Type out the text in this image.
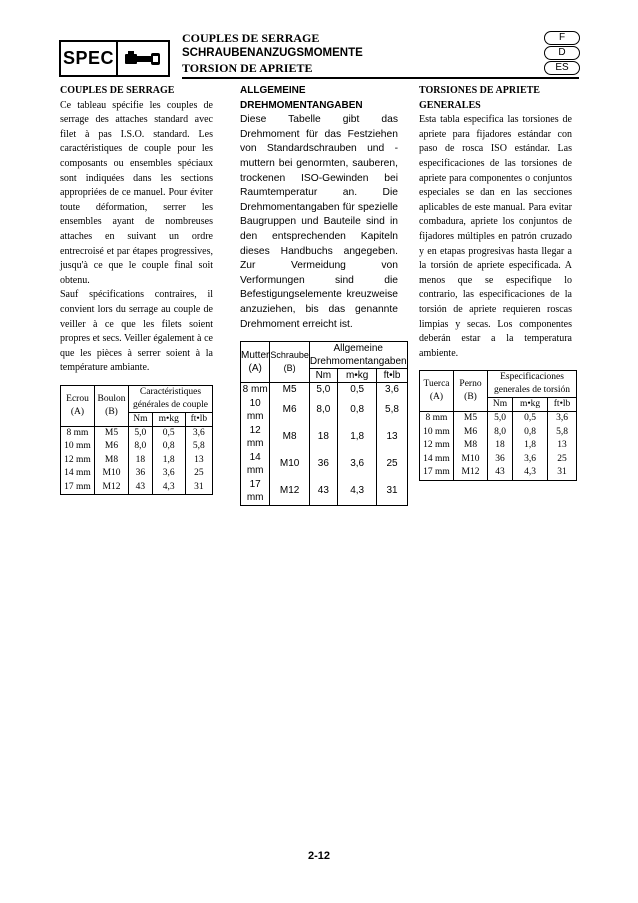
SPEC
COUPLES DE SERRAGE
SCHRAUBENANZUGSMOMENTE
TORSION DE APRIETE
F
D
ES
COUPLES DE SERRAGE

Ce tableau spécifie les couples de serrage des attaches standard avec filet à pas I.S.O. standard. Les caractéristiques de couple pour les composants ou ensembles spéciaux sont indiquées dans les sections appropriées de ce manuel. Pour éviter toute déformation, serrer les ensembles ayant de nombreuses attaches en suivant un ordre entrecroisé et par étapes progressives, jusqu'à ce que le couple final soit obtenu.

Sauf spécifications contraires, il convient lors du serrage au couple de veiller à ce que les filets soient propres et secs. Veiller également à ce que les pièces à serrer soient à la température ambiante.

Ecrou (A)	Boulon (B)	Caractéristiques générales de couple		
		Nm	m•kg	ft•lb
8 mm	M5	5,0	0,5	3,6
10 mm	M6	8,0	0,8	5,8
12 mm	M8	18	1,8	13
14 mm	M10	36	3,6	25
17 mm	M12	43	4,3	31
ALLGEMEINE
DREHMOMENTANGABEN

Diese Tabelle gibt das Drehmoment für das Festziehen von Standardschrauben und -muttern bei genormten, sauberen, trockenen ISO-Gewinden bei Raumtemperatur an. Die Drehmomentangaben für spezielle Baugruppen und Bauteile sind in den entsprechenden Kapiteln dieses Handbuchs angegeben. Zur Vermeidung von Verformungen sind die Befestigungselemente kreuzweise anzuziehen, bis das genannte Drehmoment erreicht ist.

Mutter (A)	Schraube (B)	Allgemeine Drehmomentangaben		
		Nm	m•kg	ft•lb
8 mm	M5	5,0	0,5	3,6
10 mm	M6	8,0	0,8	5,8
12 mm	M8	18	1,8	13
14 mm	M10	36	3,6	25
17 mm	M12	43	4,3	31
TORSIONES DE APRIETE
GENERALES

Esta tabla especifica las torsiones de apriete para fijadores estándar con paso de rosca ISO estándar. Las especificaciones de las torsiones de apriete para componentes o conjuntos especiales se dan en las secciones aplicables de este manual. Para evitar combadura, apriete los conjuntos de fijadores múltiples en patrón cruzado y en etapas progresivas hasta llegar a la torsión de apriete especificada. A menos que se especifique lo contrario, las especificaciones de la torsión de apriete requieren roscas limpias y secas. Los componentes deberán estar a la temperatura ambiente.

Tuerca (A)	Perno (B)	Especificaciones generales de torsión		
		Nm	m•kg	ft•lb
8 mm	M5	5,0	0,5	3,6
10 mm	M6	8,0	0,8	5,8
12 mm	M8	18	1,8	13
14 mm	M10	36	3,6	25
17 mm	M12	43	4,3	31
2-12
